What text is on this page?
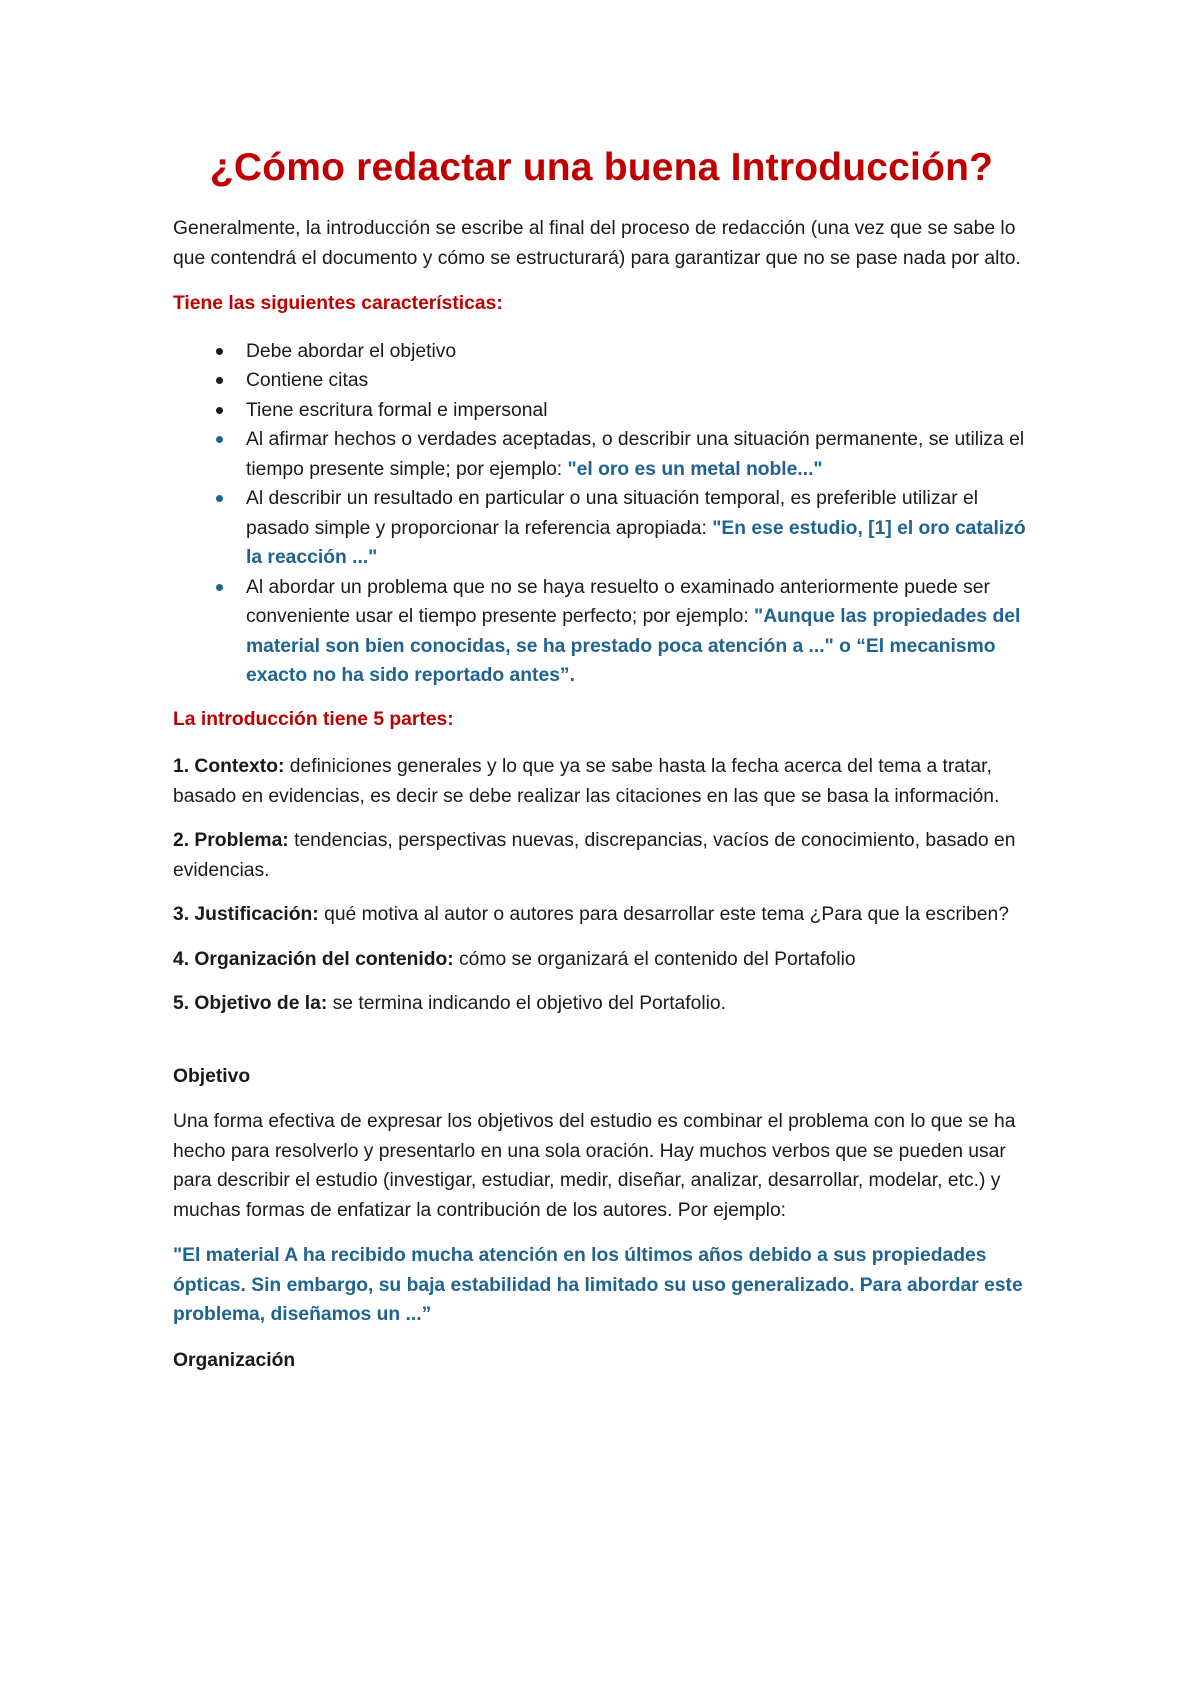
¿Cómo redactar una buena Introducción?

Generalmente, la introducción se escribe al final del proceso de redacción (una vez que se sabe lo que contendrá el documento y cómo se estructurará) para garantizar que no se pase nada por alto.

Tiene las siguientes características:

Debe abordar el objetivo
Contiene citas
Tiene escritura formal e impersonal
Al afirmar hechos o verdades aceptadas, o describir una situación permanente, se utiliza el tiempo presente simple; por ejemplo: "el oro es un metal noble..."
Al describir un resultado en particular o una situación temporal, es preferible utilizar el pasado simple y proporcionar la referencia apropiada: "En ese estudio, [1] el oro catalizó la reacción ..."
Al abordar un problema que no se haya resuelto o examinado anteriormente puede ser conveniente usar el tiempo presente perfecto; por ejemplo: "Aunque las propiedades del material son bien conocidas, se ha prestado poca atención a ..." o “El mecanismo exacto no ha sido reportado antes”.

La introducción tiene 5 partes:

1. Contexto: definiciones generales y lo que ya se sabe hasta la fecha acerca del tema a tratar, basado en evidencias, es decir se debe realizar las citaciones en las que se basa la información.

2. Problema: tendencias, perspectivas nuevas, discrepancias, vacíos de conocimiento, basado en evidencias.

3. Justificación: qué motiva al autor o autores para desarrollar este tema ¿Para que la escriben?

4. Organización del contenido: cómo se organizará el contenido del Portafolio

5. Objetivo de la: se termina indicando el objetivo del Portafolio.

Objetivo

Una forma efectiva de expresar los objetivos del estudio es combinar el problema con lo que se ha hecho para resolverlo y presentarlo en una sola oración. Hay muchos verbos que se pueden usar para describir el estudio (investigar, estudiar, medir, diseñar, analizar, desarrollar, modelar, etc.) y muchas formas de enfatizar la contribución de los autores. Por ejemplo:

"El material A ha recibido mucha atención en los últimos años debido a sus propiedades ópticas. Sin embargo, su baja estabilidad ha limitado su uso generalizado. Para abordar este problema, diseñamos un ...”

Organización
